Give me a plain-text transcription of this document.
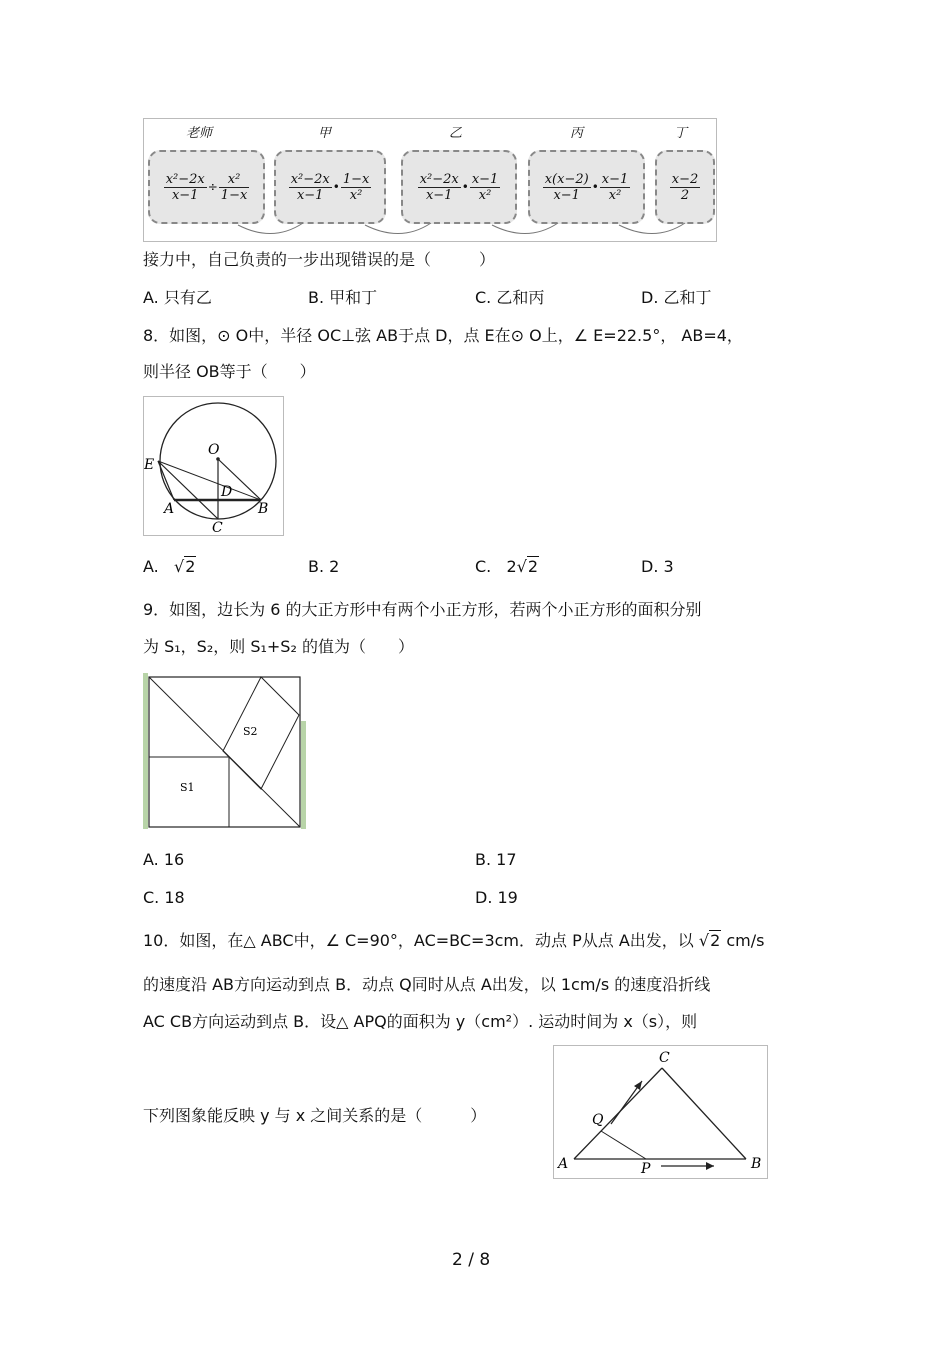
老师	甲	乙	丙	丁
$\frac{\text{x²−2x}}{x-1} \div \frac{\text{x²}}{1-x}$	$\frac{\text{x²−2x}}{x-1}$ • $\frac{1-x}{\text{x²}}$	$\frac{\text{x²−2x}}{x-1}$ • $\frac{x-1}{\text{x²}}$	$\frac{x(x-2)}{x-1}$ • $\frac{x-1}{\text{x²}}$	$\frac{x-2}{2}$
接力中，自己负责的一步出现错误的是（　　　）
A. 只有乙	B. 甲和丁	C. 乙和丙	D. 乙和丁
8．如图，⊙ O中，半径 OC⊥弦 AB于点 D，点 E在⊙ O上，∠ E=22.5°， AB=4，
则半径 OB等于（　　）
O
E
D
A	B
C
A.   √2	B. 2	C. 2√2	D. 3
9．如图，边长为 6 的大正方形中有两个小正方形，若两个小正方形的面积分别
为 S₁，S₂，则 S₁+S₂ 的值为（　　）
S2
S1
A. 16	B. 17
C. 18	D. 19
10．如图，在△ ABC中，∠ C=90°，AC=BC=3cm．动点 P从点 A出发，以 √2 cm/s
的速度沿 AB方向运动到点 B．动点 Q同时从点 A出发，以 1cm/s 的速度沿折线
AC CB方向运动到点 B．设△ APQ的面积为 y（cm²）. 运动时间为 x（s），则
下列图象能反映 y 与 x 之间关系的是（　　　）
A	B
C
P
Q
2 / 8
